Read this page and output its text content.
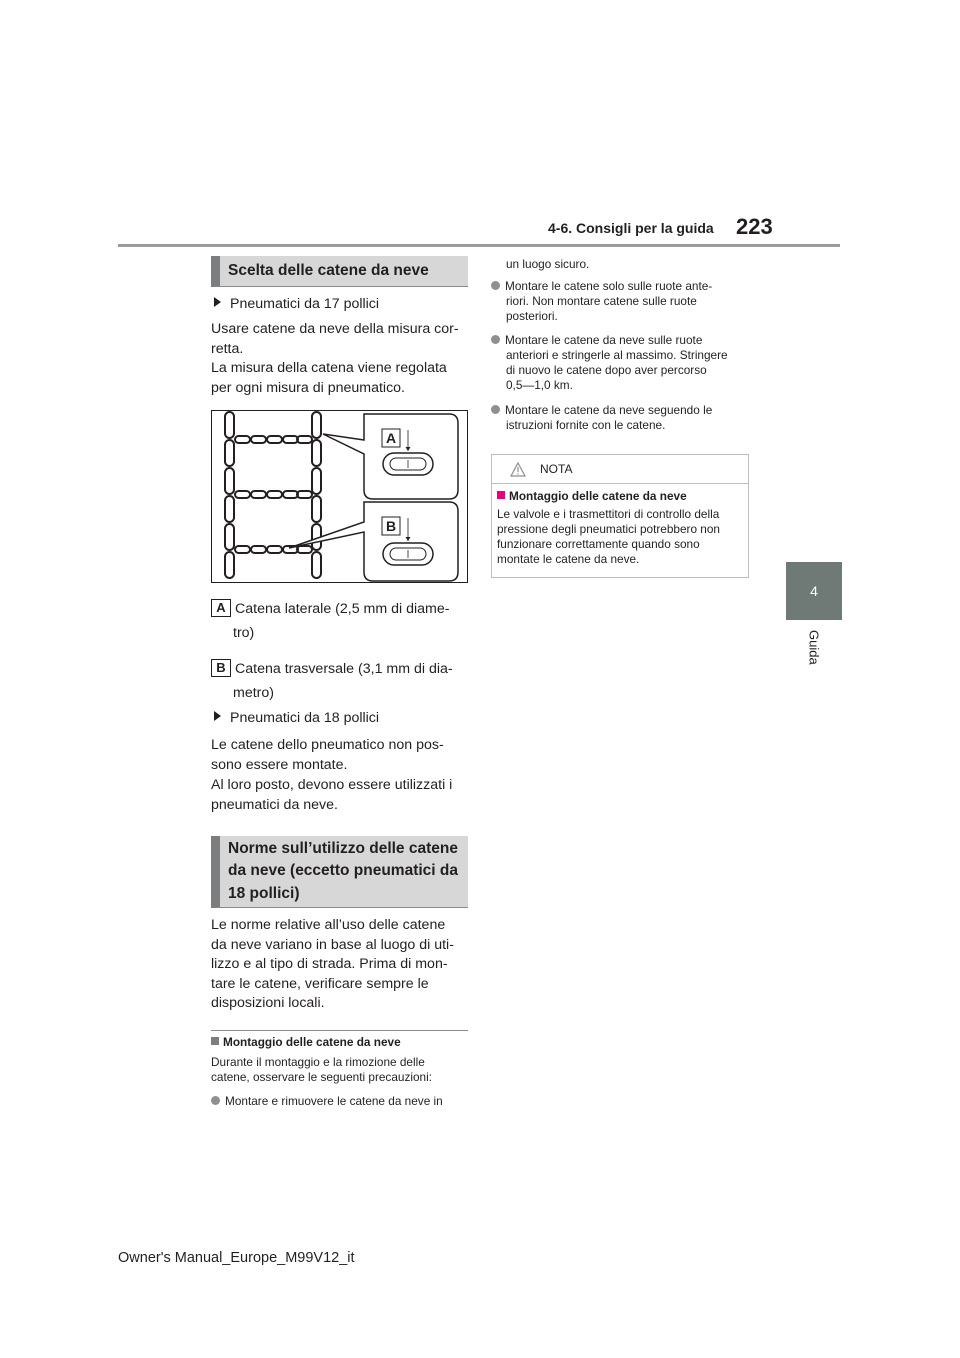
4-6. Consigli per la guida 223
4
Guida
Scelta delle catene da neve
Pneumatici da 17 pollici
Usare catene da neve della misura cor-
retta.
La misura della catena viene regolata
per ogni misura di pneumatico.
A
B
A Catena laterale (2,5 mm di diame-
tro)
B Catena trasversale (3,1 mm di dia-
metro)
Pneumatici da 18 pollici
Le catene dello pneumatico non pos-
sono essere montate.
Al loro posto, devono essere utilizzati i
pneumatici da neve.
Norme sull’utilizzo delle catene
da neve (eccetto pneumatici da
18 pollici)
Le norme relative all’uso delle catene
da neve variano in base al luogo di uti-
lizzo e al tipo di strada. Prima di mon-
tare le catene, verificare sempre le
disposizioni locali.
Montaggio delle catene da neve
Durante il montaggio e la rimozione delle
catene, osservare le seguenti precauzioni:
Montare e rimuovere le catene da neve in
un luogo sicuro.
Montare le catene solo sulle ruote ante-
riori. Non montare catene sulle ruote
posteriori.
Montare le catene da neve sulle ruote
anteriori e stringerle al massimo. Stringere
di nuovo le catene dopo aver percorso
0,5—1,0 km.
Montare le catene da neve seguendo le
istruzioni fornite con le catene.
NOTA
Montaggio delle catene da neve
Le valvole e i trasmettitori di controllo della
pressione degli pneumatici potrebbero non
funzionare correttamente quando sono
montate le catene da neve.
Owner's Manual_Europe_M99V12_it
